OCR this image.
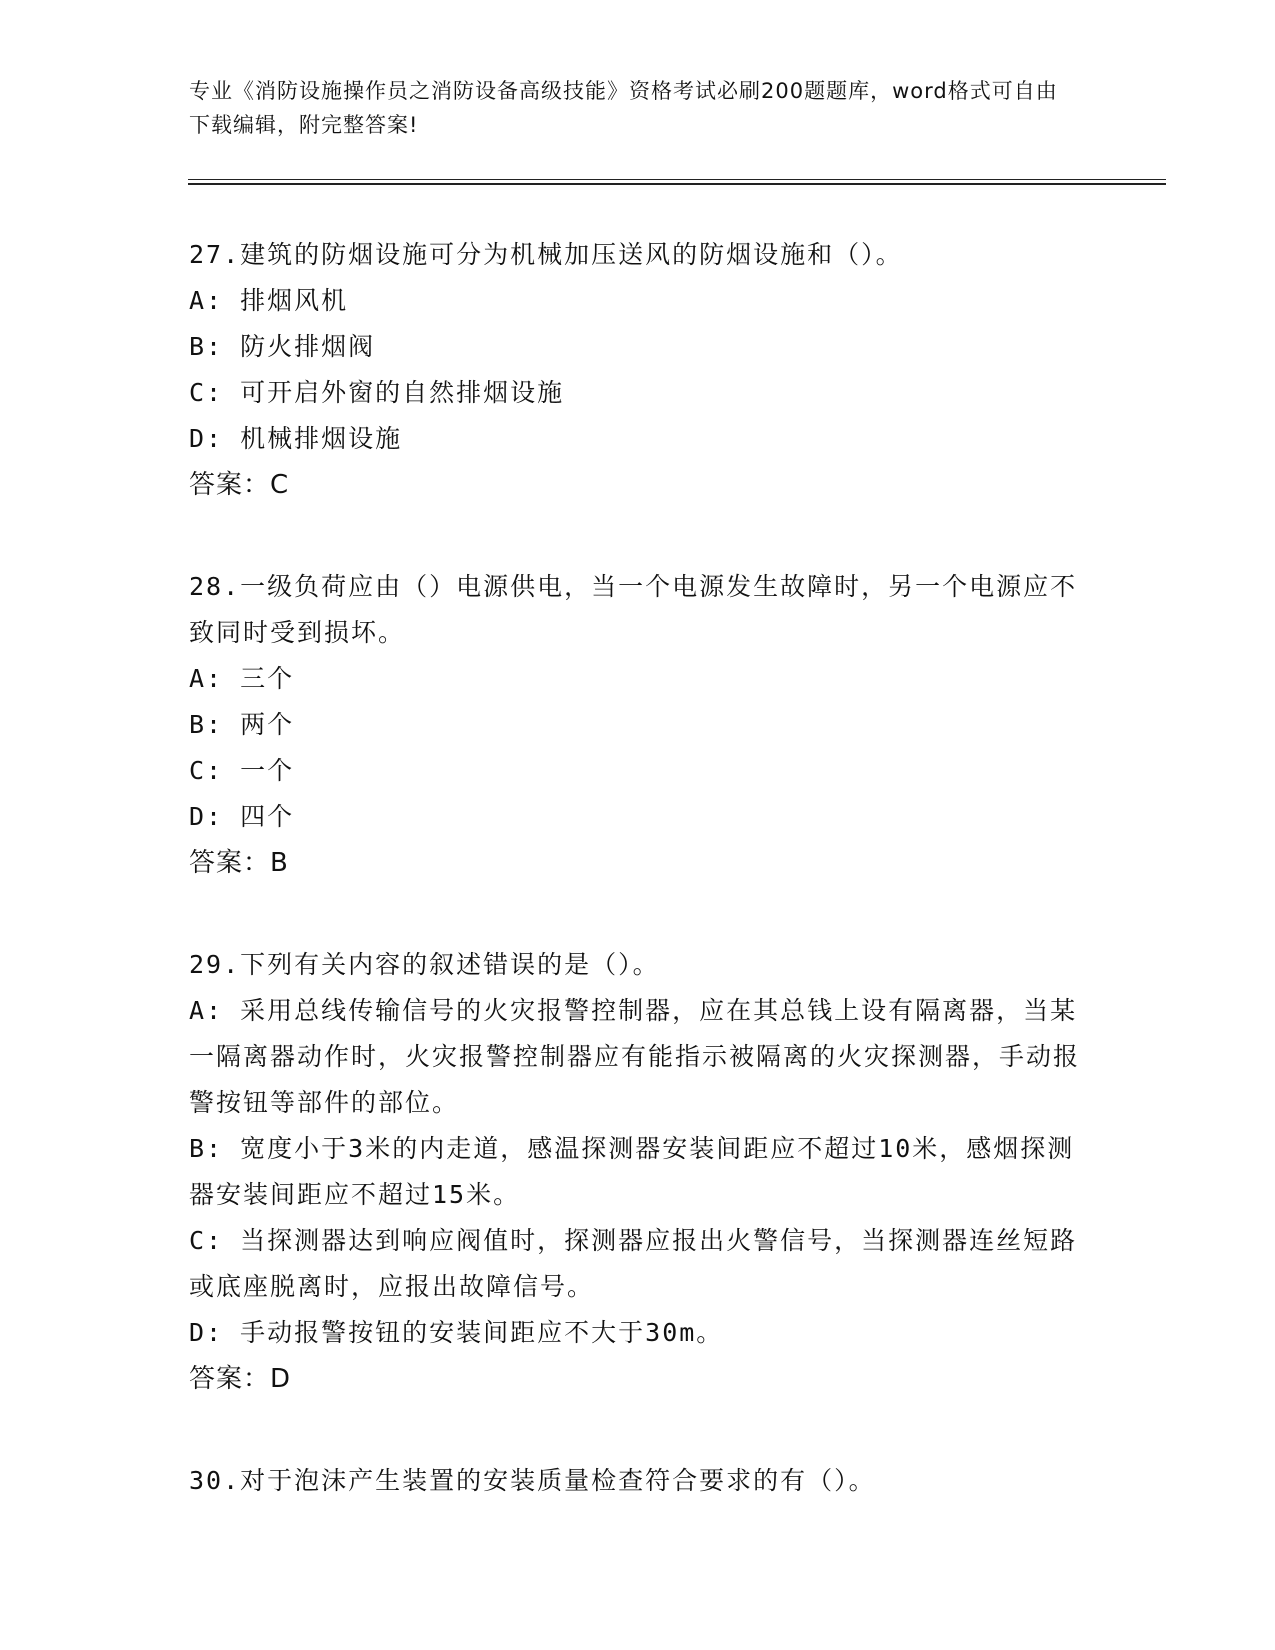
专业《消防设施操作员之消防设备高级技能》资格考试必刷200题题库，word格式可自由下载编辑，附完整答案!
27.建筑的防烟设施可分为机械加压送风的防烟设施和（）。
A: 排烟风机
B: 防火排烟阀
C: 可开启外窗的自然排烟设施
D: 机械排烟设施
答案：C
28.一级负荷应由（）电源供电，当一个电源发生故障时，另一个电源应不致同时受到损坏。
A: 三个
B: 两个
C: 一个
D: 四个
答案：B
29.下列有关内容的叙述错误的是（）。
A: 采用总线传输信号的火灾报警控制器，应在其总钱上设有隔离器，当某一隔离器动作时，火灾报警控制器应有能指示被隔离的火灾探测器，手动报警按钮等部件的部位。
B: 宽度小于3米的内走道，感温探测器安装间距应不超过10米，感烟探测器安装间距应不超过15米。
C: 当探测器达到响应阀值时，探测器应报出火警信号，当探测器连丝短路或底座脱离时，应报出故障信号。
D: 手动报警按钮的安装间距应不大于30m。
答案：D
30.对于泡沫产生装置的安装质量检查符合要求的有（）。
